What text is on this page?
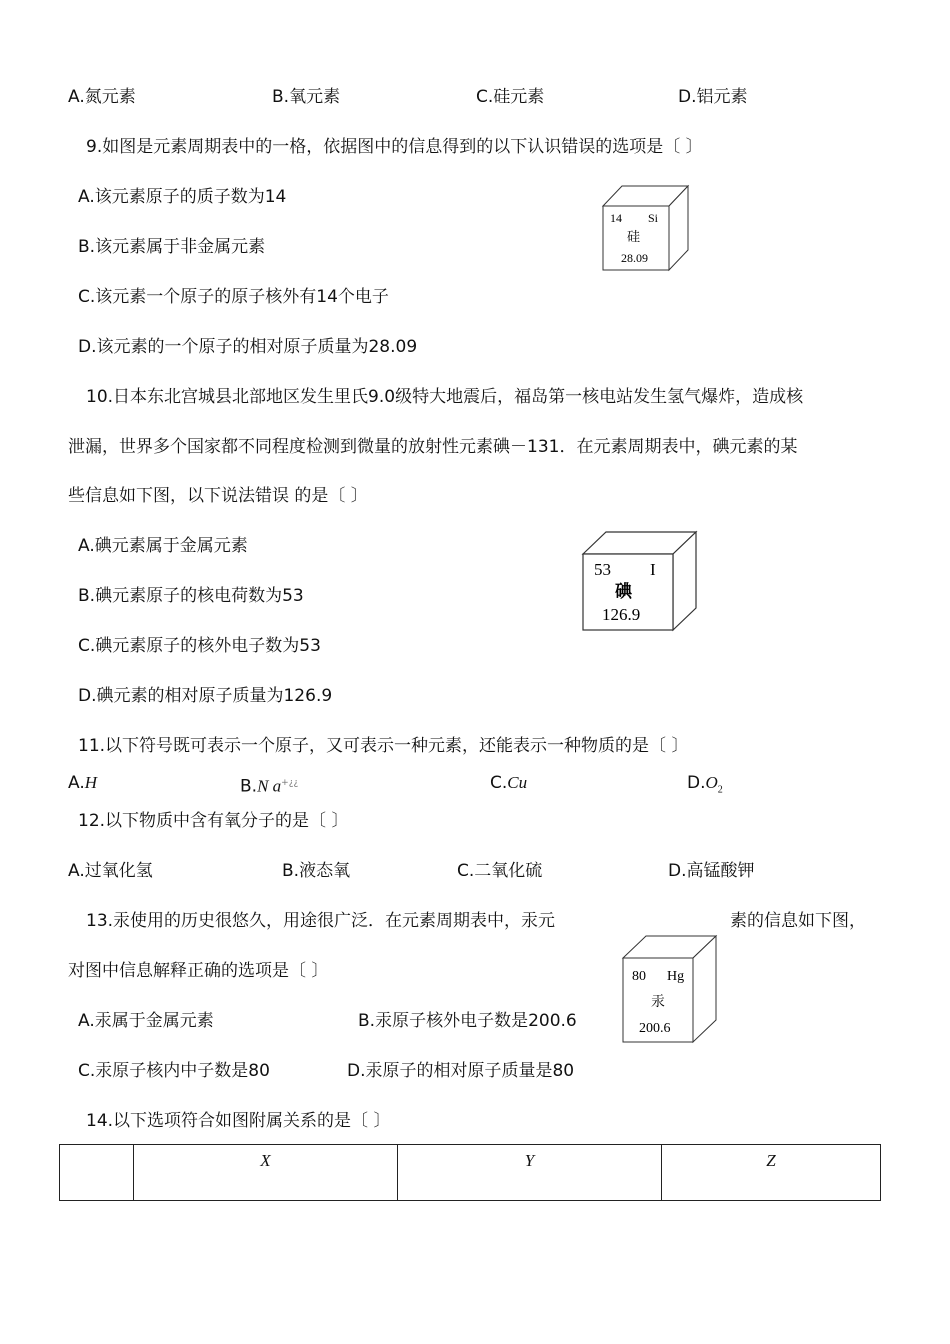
A.氮元素	B.氧元素	C.硅元素	D.铝元素
9.如图是元素周期表中的一格，依据图中的信息得到的以下认识错误的选项是〔 〕
A.该元素原子的质子数为14
B.该元素属于非金属元素
C.该元素一个原子的原子核外有14个电子
D.该元素的一个原子的相对原子质量为28.09
14 Si
硅
28.09
10.日本东北宫城县北部地区发生里氏9.0级特大地震后，福岛第一核电站发生氢气爆炸，造成核
泄漏，世界多个国家都不同程度检测到微量的放射性元素碘－131．在元素周期表中，碘元素的某
些信息如下图，以下说法错误 的是〔 〕
A.碘元素属于金属元素
B.碘元素原子的核电荷数为53
C.碘元素原子的核外电子数为53
D.碘元素的相对原子质量为126.9
53 I
碘
126.9
11.以下符号既可表示一个原子，又可表示一种元素，还能表示一种物质的是〔 〕
A.H	B.N a+¿¿	C.Cu	$D.O_2$
12.以下物质中含有氧分子的是〔 〕
A.过氧化氢	B.液态氧	C.二氧化硫	D.高锰酸钾
13.汞使用的历史很悠久，用途很广泛．在元素周期表中，汞元	素的信息如下图，
对图中信息解释正确的选项是〔 〕
A.汞属于金属元素	B.汞原子核外电子数是200.6
C.汞原子核内中子数是80	D.汞原子的相对原子质量是80
80 Hg
汞
200.6
14.以下选项符合如图附属关系的是〔 〕
	X	Y	Z
